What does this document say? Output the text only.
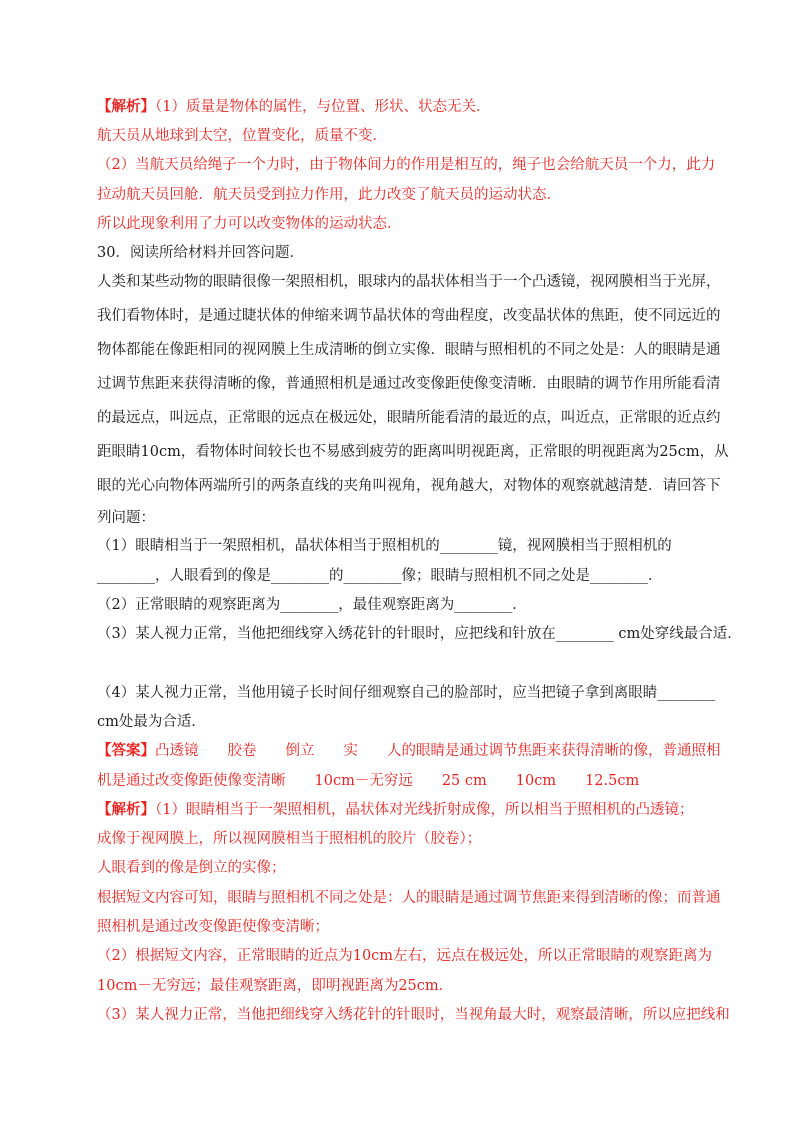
【解析】（1）质量是物体的属性，与位置、形状、状态无关．
航天员从地球到太空，位置变化，质量不变．
（2）当航天员给绳子一个力时，由于物体间力的作用是相互的，绳子也会给航天员一个力，此力
拉动航天员回舱．航天员受到拉力作用，此力改变了航天员的运动状态．
所以此现象利用了力可以改变物体的运动状态．
30．阅读所给材料并回答问题．
人类和某些动物的眼睛很像一架照相机，眼球内的晶状体相当于一个凸透镜，视网膜相当于光屏，
我们看物体时，是通过睫状体的伸缩来调节晶状体的弯曲程度，改变晶状体的焦距，使不同远近的
物体都能在像距相同的视网膜上生成清晰的倒立实像．眼睛与照相机的不同之处是：人的眼睛是通
过调节焦距来获得清晰的像，普通照相机是通过改变像距使像变清晰．由眼睛的调节作用所能看清
的最远点，叫远点，正常眼的远点在极远处，眼睛所能看清的最近的点，叫近点，正常眼的近点约
距眼睛10cm，看物体时间较长也不易感到疲劳的距离叫明视距离，正常眼的明视距离为25cm，从
眼的光心向物体两端所引的两条直线的夹角叫视角，视角越大，对物体的观察就越清楚．请回答下
列问题：
（1）眼睛相当于一架照相机，晶状体相当于照相机的________镜，视网膜相当于照相机的
________，人眼看到的像是________的________像；眼睛与照相机不同之处是________．
（2）正常眼睛的观察距离为________，最佳观察距离为________．
（3）某人视力正常，当他把细线穿入绣花针的针眼时，应把线和针放在________ cm处穿线最合适．
（4）某人视力正常，当他用镜子长时间仔细观察自己的脸部时，应当把镜子拿到离眼睛________
cm处最为合适．
【答案】凸透镜　　胶卷　　倒立　　实　　人的眼睛是通过调节焦距来获得清晰的像，普通照相
机是通过改变像距使像变清晰　　10cm－无穷远　　25 cm　　10cm　　12.5cm
【解析】（1）眼睛相当于一架照相机，晶状体对光线折射成像，所以相当于照相机的凸透镜；
成像于视网膜上，所以视网膜相当于照相机的胶片（胶卷）；
人眼看到的像是倒立的实像；
根据短文内容可知，眼睛与照相机不同之处是：人的眼睛是通过调节焦距来得到清晰的像；而普通
照相机是通过改变像距使像变清晰；
（2）根据短文内容，正常眼睛的近点为10cm左右，远点在极远处，所以正常眼睛的观察距离为
10cm－无穷远；最佳观察距离，即明视距离为25cm．
（3）某人视力正常，当他把细线穿入绣花针的针眼时，当视角最大时，观察最清晰，所以应把线和
